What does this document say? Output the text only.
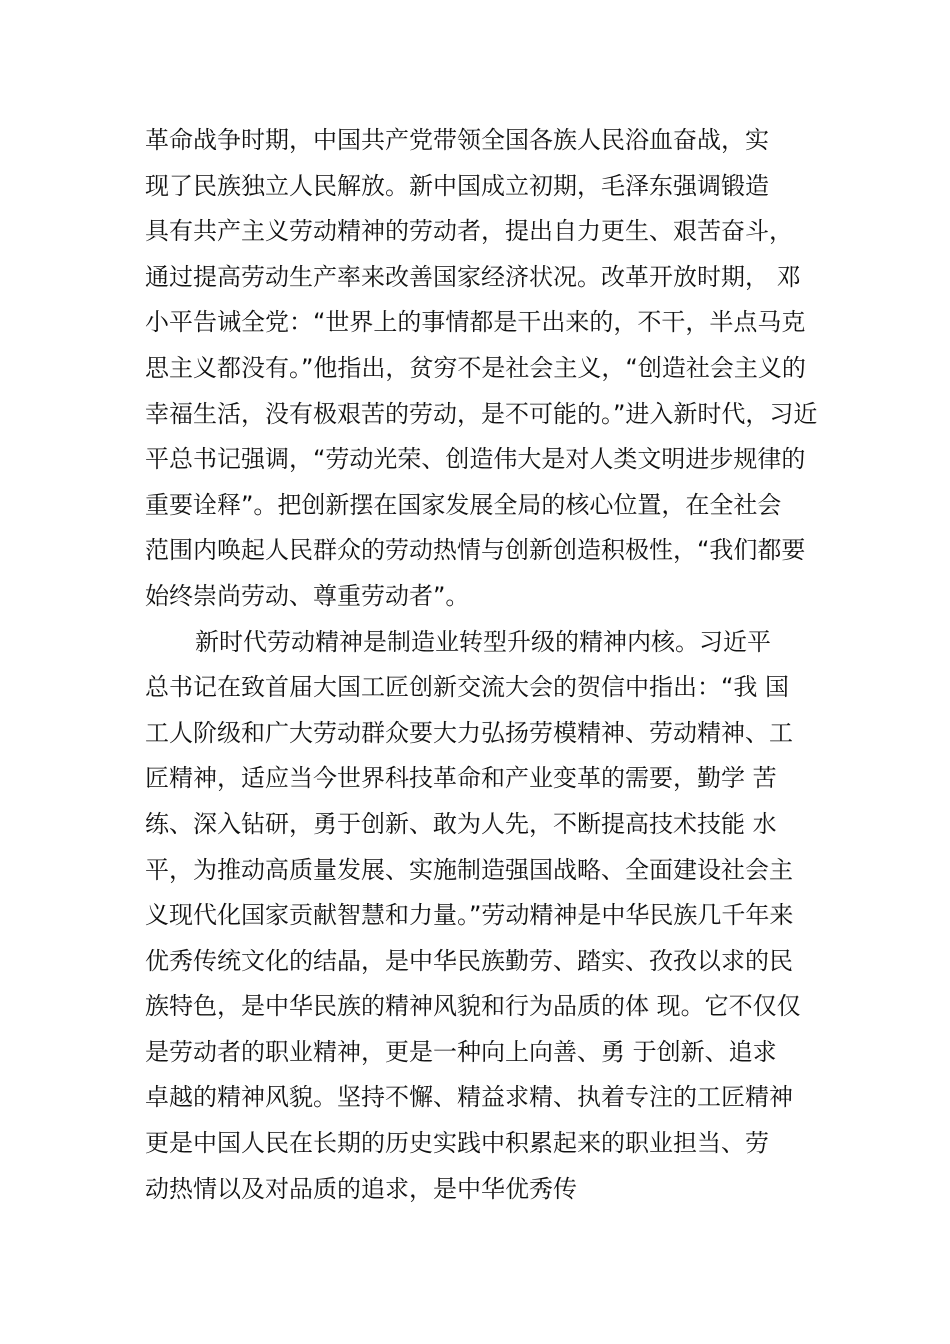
革命战争时期，中国共产党带领全国各族人民浴血奋战，实
现了民族独立人民解放。新中国成立初期，毛泽东强调锻造
具有共产主义劳动精神的劳动者，提出自力更生、艰苦奋斗，
通过提高劳动生产率来改善国家经济状况。改革开放时期， 邓
小平告诫全党：“世界上的事情都是干出来的，不干，半点马克
思主义都没有。”他指出，贫穷不是社会主义，“创造社会主义的
幸福生活，没有极艰苦的劳动，是不可能的。”进入新时代，习近
平总书记强调，“劳动光荣、创造伟大是对人类文明进步规律的
重要诠释”。把创新摆在国家发展全局的核心位置，在全社会
范围内唤起人民群众的劳动热情与创新创造积极性，“我们都要
始终崇尚劳动、尊重劳动者”。
新时代劳动精神是制造业转型升级的精神内核。习近平
总书记在致首届大国工匠创新交流大会的贺信中指出：“我 国
工人阶级和广大劳动群众要大力弘扬劳模精神、劳动精神、工
匠精神，适应当今世界科技革命和产业变革的需要，勤学 苦
练、深入钻研，勇于创新、敢为人先，不断提高技术技能 水
平，为推动高质量发展、实施制造强国战略、全面建设社会主
义现代化国家贡献智慧和力量。”劳动精神是中华民族几千年来
优秀传统文化的结晶，是中华民族勤劳、踏实、孜孜以求的民
族特色，是中华民族的精神风貌和行为品质的体 现。它不仅仅
是劳动者的职业精神，更是一种向上向善、勇 于创新、追求
卓越的精神风貌。坚持不懈、精益求精、执着专注的工匠精神
更是中国人民在长期的历史实践中积累起来的职业担当、劳
动热情以及对品质的追求，是中华优秀传
